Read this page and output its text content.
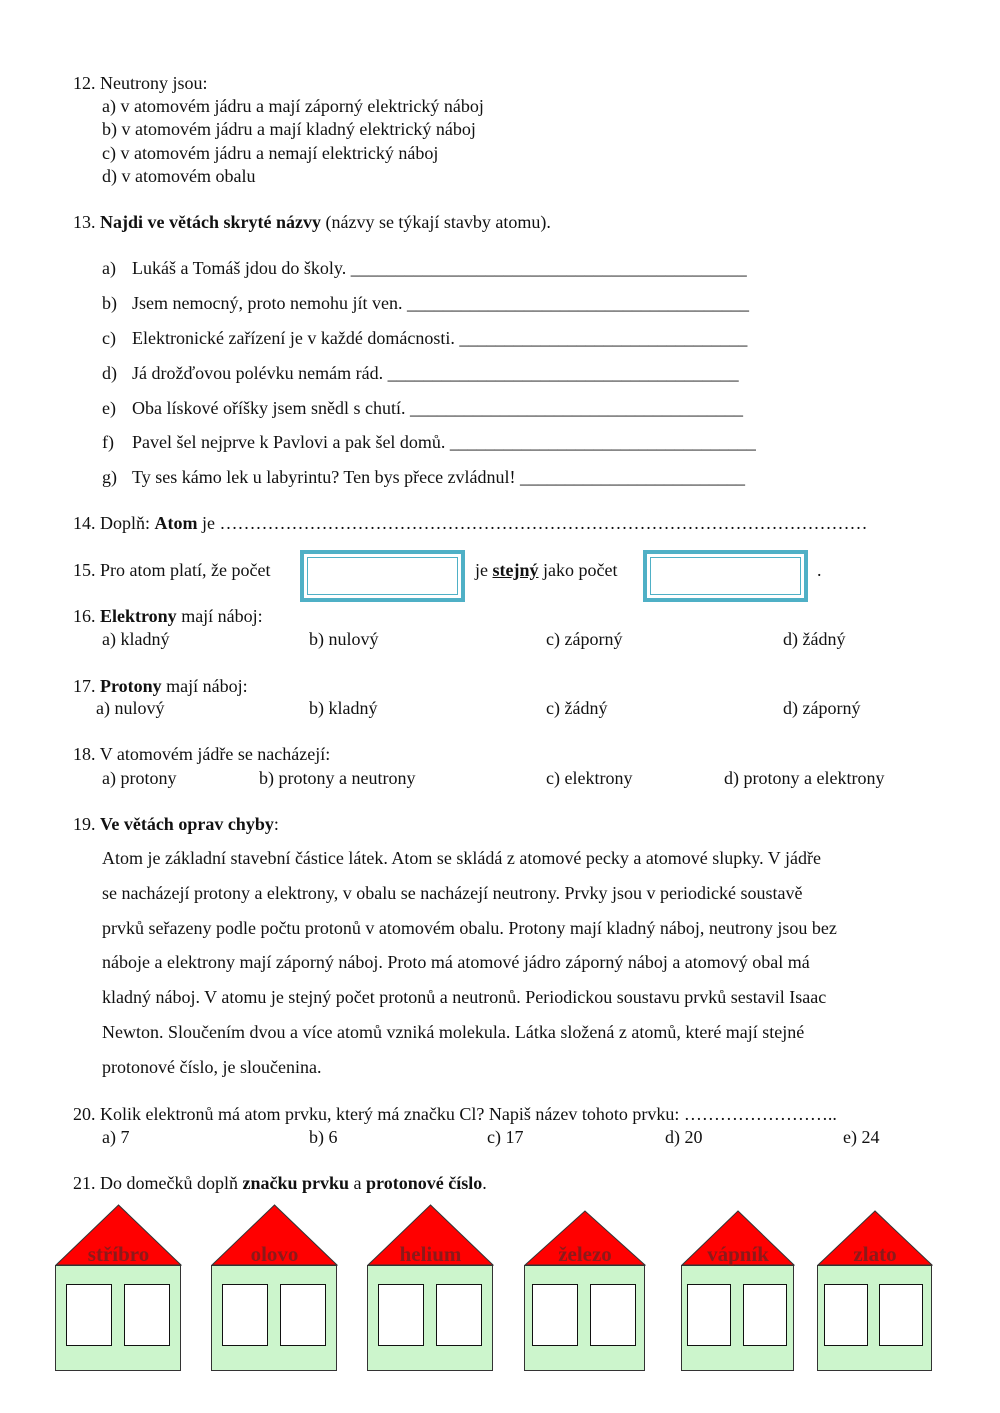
12. Neutrony jsou:
a) v atomovém jádru a mají záporný elektrický náboj
b) v atomovém jádru a mají kladný elektrický náboj
c) v atomovém jádru a nemají elektrický náboj
d) v atomovém obalu
13. Najdi ve větách skryté názvy (názvy se týkají stavby atomu).
a) Lukáš a Tomáš jdou do školy. ____________________________________________
b) Jsem nemocný, proto nemohu jít ven. ______________________________________
c) Elektronické zařízení je v každé domácnosti. ________________________________
d) Já drožďovou polévku nemám rád. _______________________________________
e) Oba lískové oříšky jsem snědl s chutí. _____________________________________
f) Pavel šel nejprve k Pavlovi a pak šel domů. __________________________________
g) Ty ses kámo lek u labyrintu? Ten bys přece zvládnul! _________________________
14. Doplň: Atom je ………………………………………………………………………………………………
15. Pro atom platí, že počet	je stejný jako počet	.
16. Elektrony mají náboj:
a) kladný	b) nulový	c) záporný	d) žádný
17. Protony mají náboj:
a) nulový	b) kladný	c) žádný	d) záporný
18. V atomovém jádře se nacházejí:
a) protony	b) protony a neutrony	c) elektrony	d) protony a elektrony
19. Ve větách oprav chyby:
Atom je základní stavební částice látek. Atom se skládá z atomové pecky a atomové slupky. V jádře
se nacházejí protony a elektrony, v obalu se nacházejí neutrony. Prvky jsou v periodické soustavě
prvků seřazeny podle počtu protonů v atomovém obalu. Protony mají kladný náboj, neutrony jsou bez
náboje a elektrony mají záporný náboj. Proto má atomové jádro záporný náboj a atomový obal má
kladný náboj. V atomu je stejný počet protonů a neutronů. Periodickou soustavu prvků sestavil Isaac
Newton. Sloučením dvou a více atomů vzniká molekula. Látka složená z atomů, které mají stejné
protonové číslo, je sloučenina.
20. Kolik elektronů má atom prvku, který má značku Cl? Napiš název tohoto prvku: ……………………..
a) 7	b) 6	c) 17	d) 20	e) 24
21. Do domečků doplň značku prvku a protonové číslo.
stříbro	olovo	helium	železo	vápník	zlato
